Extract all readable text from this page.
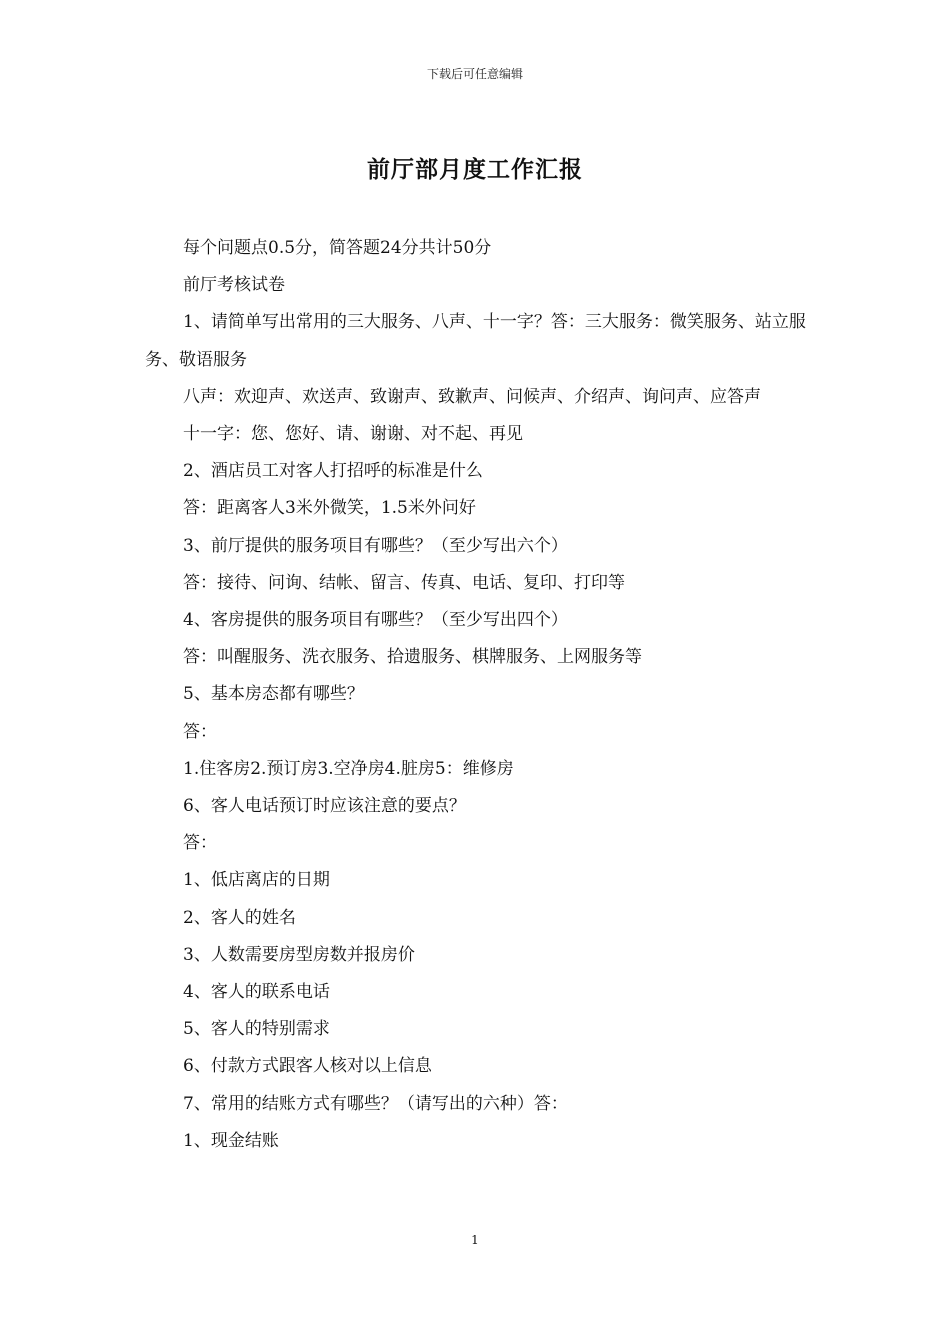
下载后可任意编辑
前厅部月度工作汇报

每个问题点0.5分，简答题24分共计50分

前厅考核试卷

1、请简单写出常用的三大服务、八声、十一字？答：三大服务：微笑服务、站立服务、敬语服务

八声：欢迎声、欢送声、致谢声、致歉声、问候声、介绍声、询问声、应答声

十一字：您、您好、请、谢谢、对不起、再见

2、酒店员工对客人打招呼的标准是什么

答：距离客人3米外微笑，1.5米外问好

3、前厅提供的服务项目有哪些？（至少写出六个）

答：接待、问询、结帐、留言、传真、电话、复印、打印等

4、客房提供的服务项目有哪些？（至少写出四个）

答：叫醒服务、洗衣服务、拾遗服务、棋牌服务、上网服务等

5、基本房态都有哪些？

答：

1.住客房2.预订房3.空净房4.脏房5：维修房

6、客人电话预订时应该注意的要点？

答：

1、低店离店的日期

2、客人的姓名

3、人数需要房型房数并报房价

4、客人的联系电话

5、客人的特别需求

6、付款方式跟客人核对以上信息

7、常用的结账方式有哪些？（请写出的六种）答：

1、现金结账

1
